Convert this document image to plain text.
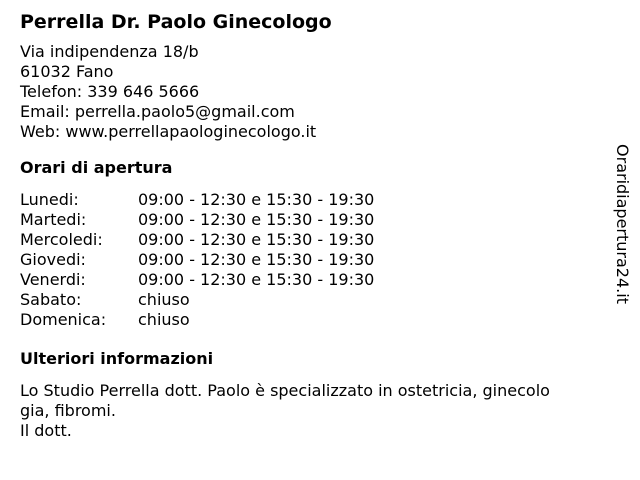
Perrella Dr. Paolo Ginecologo
Via indipendenza 18/b
61032 Fano
Telefon: 339 646 5666
Email: perrella.paolo5@gmail.com
Web: www.perrellapaologinecologo.it
Orari di apertura
Lunedi:	09:00 - 12:30 e 15:30 - 19:30
Martedi:	09:00 - 12:30 e 15:30 - 19:30
Mercoledi:	09:00 - 12:30 e 15:30 - 19:30
Giovedi:	09:00 - 12:30 e 15:30 - 19:30
Venerdi:	09:00 - 12:30 e 15:30 - 19:30
Sabato:	chiuso
Domenica:	chiuso
Ulteriori informazioni
Lo Studio Perrella dott. Paolo è specializzato in ostetricia, ginecolo
gia, fibromi.
Il dott.
Oraridiapertura24.it
